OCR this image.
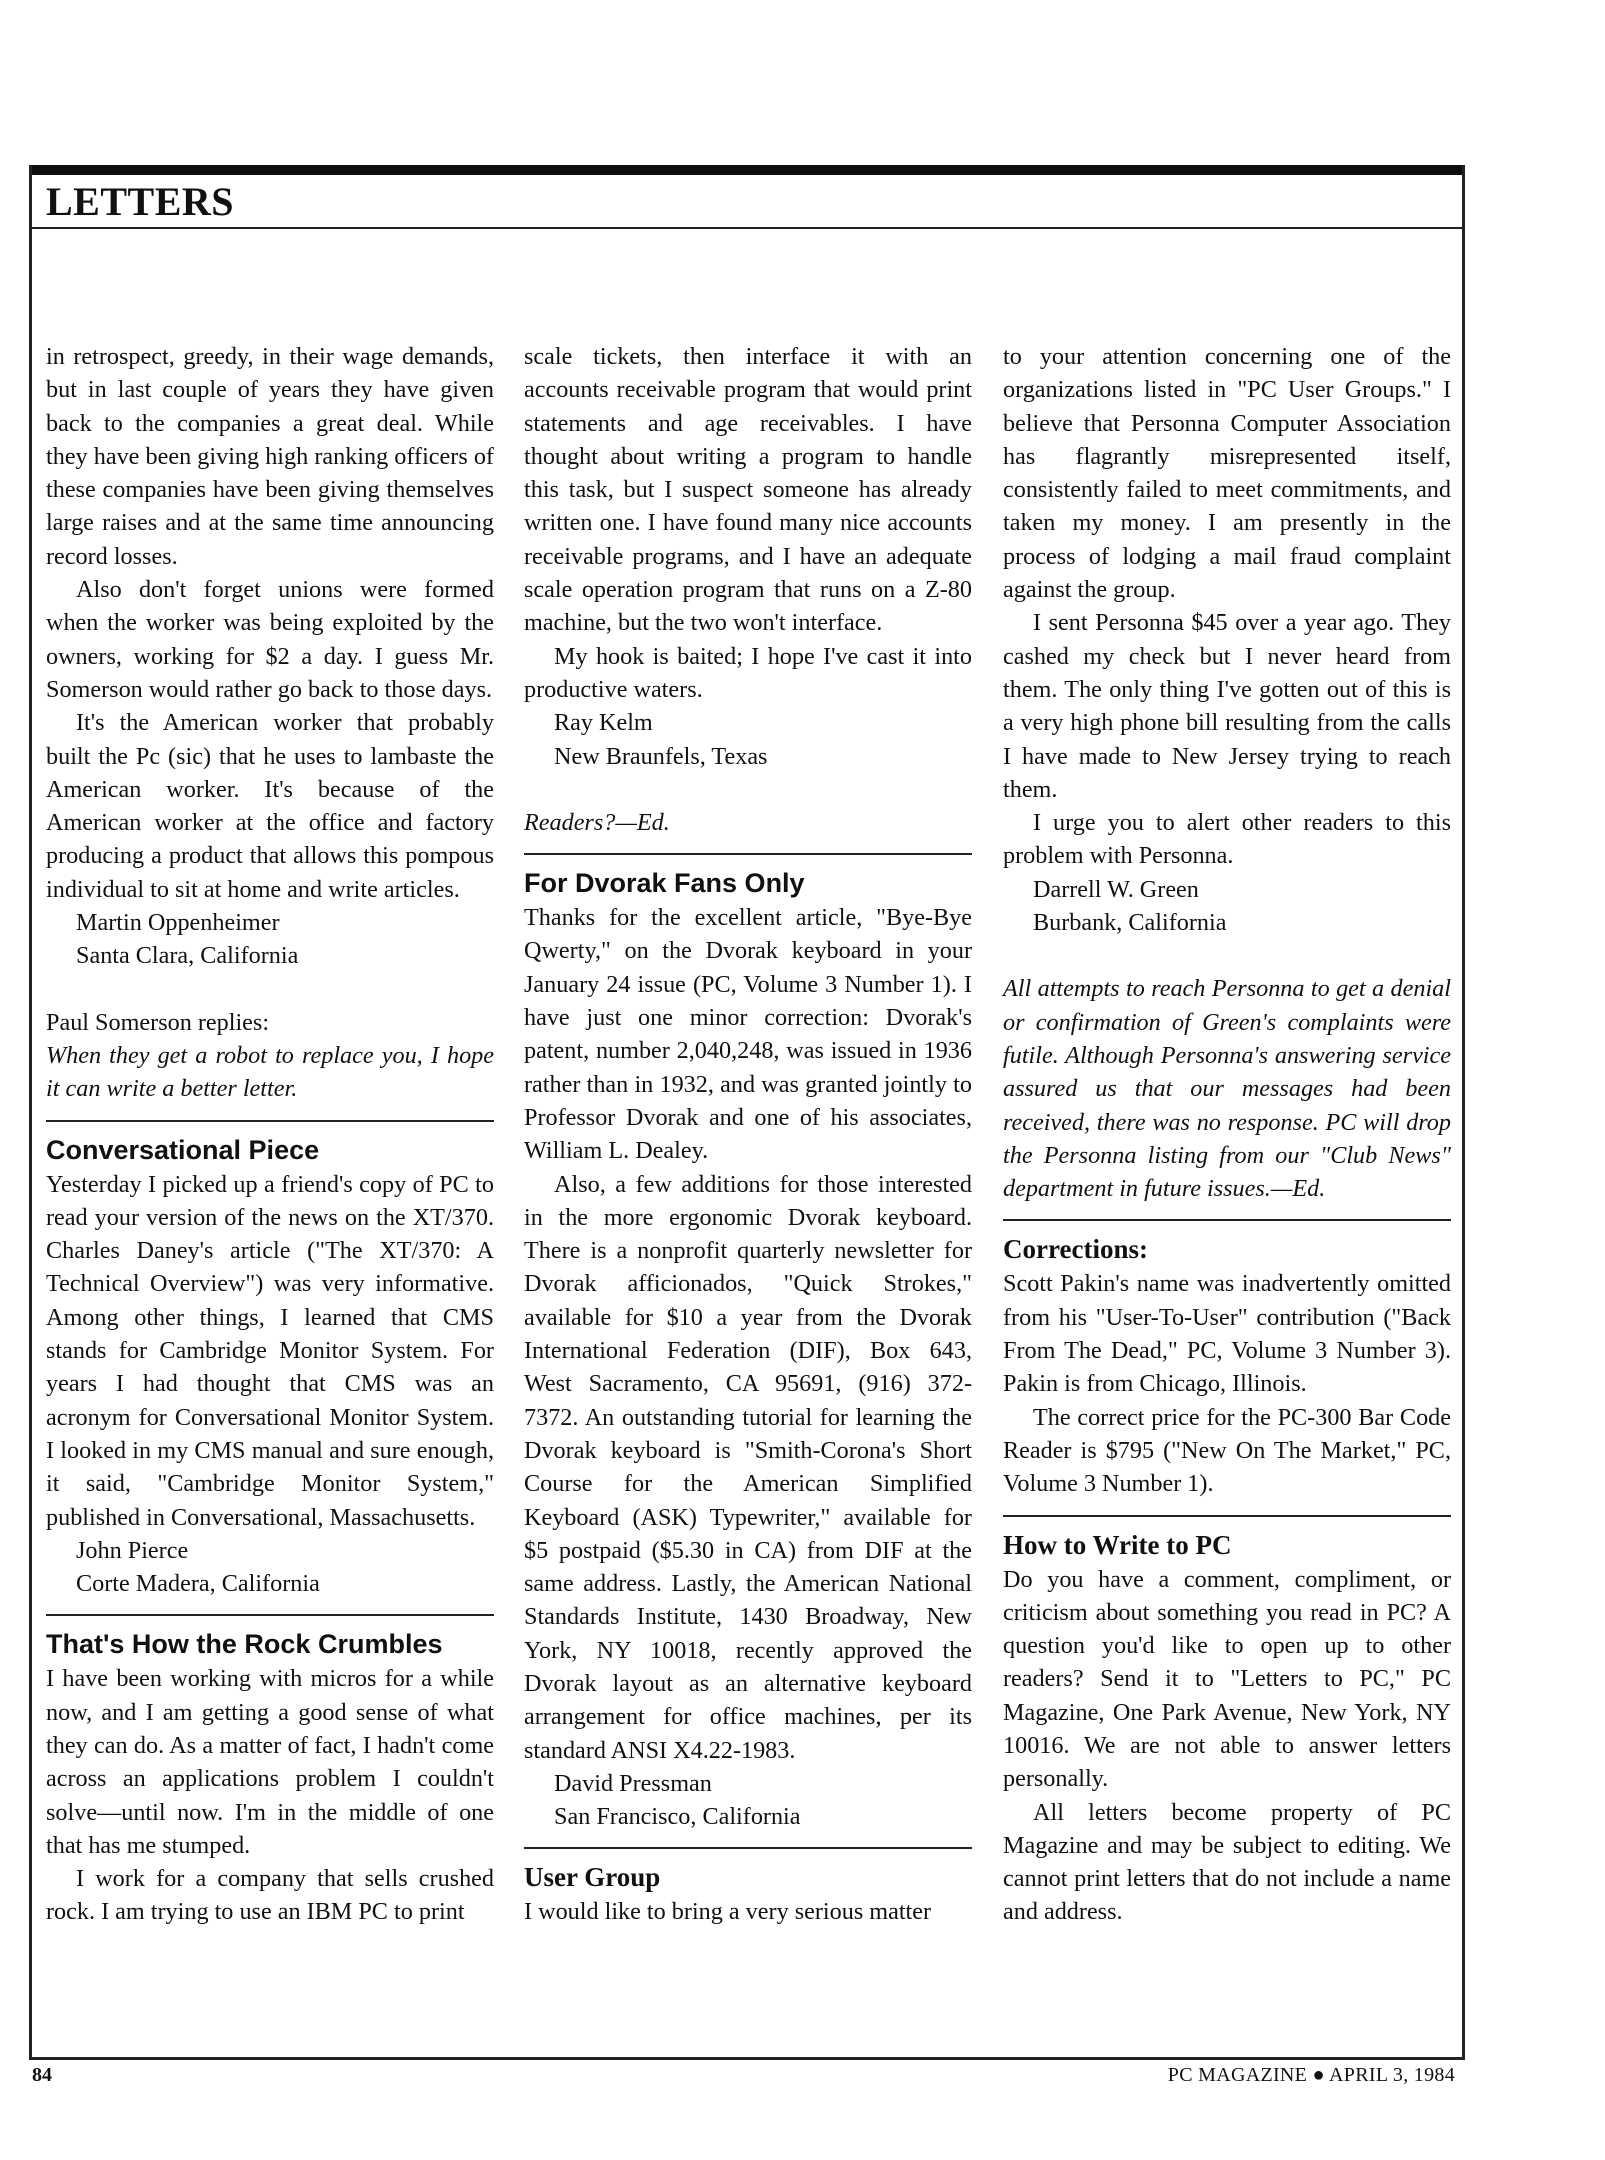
LETTERS

in retrospect, greedy, in their wage demands, but in last couple of years they have given back to the companies a great deal. While they have been giving high ranking officers of these companies have been giving themselves large raises and at the same time announcing record losses.

Also don't forget unions were formed when the worker was being exploited by the owners, working for $2 a day. I guess Mr. Somerson would rather go back to those days.

It's the American worker that probably built the Pc (sic) that he uses to lambaste the American worker. It's because of the American worker at the office and factory producing a product that allows this pompous individual to sit at home and write articles.

Martin Oppenheimer

Santa Clara, California

Paul Somerson replies:

When they get a robot to replace you, I hope it can write a better letter.

Conversational Piece

Yesterday I picked up a friend's copy of PC to read your version of the news on the XT/370. Charles Daney's article ("The XT/370: A Technical Overview") was very informative. Among other things, I learned that CMS stands for Cambridge Monitor System. For years I had thought that CMS was an acronym for Conversational Monitor System. I looked in my CMS manual and sure enough, it said, "Cambridge Monitor System," published in Conversational, Massachusetts.

John Pierce

Corte Madera, California

That's How the Rock Crumbles

I have been working with micros for a while now, and I am getting a good sense of what they can do. As a matter of fact, I hadn't come across an applications problem I couldn't solve—until now. I'm in the middle of one that has me stumped.

I work for a company that sells crushed rock. I am trying to use an IBM PC to print

scale tickets, then interface it with an accounts receivable program that would print statements and age receivables. I have thought about writing a program to handle this task, but I suspect someone has already written one. I have found many nice accounts receivable programs, and I have an adequate scale operation program that runs on a Z-80 machine, but the two won't interface.

My hook is baited; I hope I've cast it into productive waters.

Ray Kelm

New Braunfels, Texas

Readers?—Ed.

For Dvorak Fans Only

Thanks for the excellent article, "Bye-Bye Qwerty," on the Dvorak keyboard in your January 24 issue (PC, Volume 3 Number 1). I have just one minor correction: Dvorak's patent, number 2,040,248, was issued in 1936 rather than in 1932, and was granted jointly to Professor Dvorak and one of his associates, William L. Dealey.

Also, a few additions for those interested in the more ergonomic Dvorak keyboard. There is a nonprofit quarterly newsletter for Dvorak afficionados, "Quick Strokes," available for $10 a year from the Dvorak International Federation (DIF), Box 643, West Sacramento, CA 95691, (916) 372-7372. An outstanding tutorial for learning the Dvorak keyboard is "Smith-Corona's Short Course for the American Simplified Keyboard (ASK) Typewriter," available for $5 postpaid ($5.30 in CA) from DIF at the same address. Lastly, the American National Standards Institute, 1430 Broadway, New York, NY 10018, recently approved the Dvorak layout as an alternative keyboard arrangement for office machines, per its standard ANSI X4.22-1983.

David Pressman

San Francisco, California

User Group

I would like to bring a very serious matter

to your attention concerning one of the organizations listed in "PC User Groups." I believe that Personna Computer Association has flagrantly misrepresented itself, consistently failed to meet commitments, and taken my money. I am presently in the process of lodging a mail fraud complaint against the group.

I sent Personna $45 over a year ago. They cashed my check but I never heard from them. The only thing I've gotten out of this is a very high phone bill resulting from the calls I have made to New Jersey trying to reach them.

I urge you to alert other readers to this problem with Personna.

Darrell W. Green

Burbank, California

All attempts to reach Personna to get a denial or confirmation of Green's complaints were futile. Although Personna's answering service assured us that our messages had been received, there was no response. PC will drop the Personna listing from our "Club News" department in future issues.—Ed.

Corrections:

Scott Pakin's name was inadvertently omitted from his "User-To-User" contribution ("Back From The Dead," PC, Volume 3 Number 3). Pakin is from Chicago, Illinois.

The correct price for the PC-300 Bar Code Reader is $795 ("New On The Market," PC, Volume 3 Number 1).

How to Write to PC

Do you have a comment, compliment, or criticism about something you read in PC? A question you'd like to open up to other readers? Send it to "Letters to PC," PC Magazine, One Park Avenue, New York, NY 10016. We are not able to answer letters personally.

All letters become property of PC Magazine and may be subject to editing. We cannot print letters that do not include a name and address.

84	PC MAGAZINE ● APRIL 3, 1984
